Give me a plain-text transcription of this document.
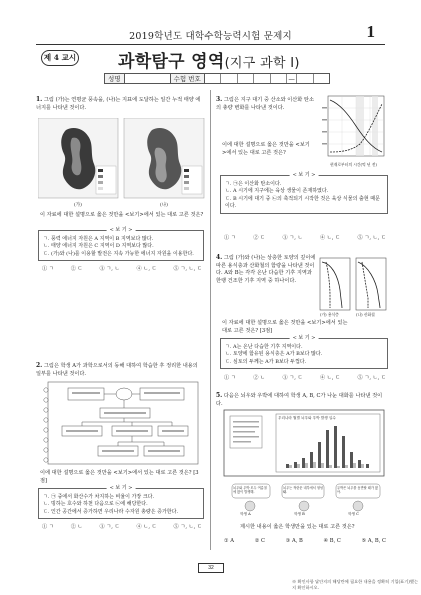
2019학년도 대학수학능력시험 문제지	1
제 4 교시 과학탐구 영역(지구 과학 I)
성명	수험 번호	—
1. 그림 (가)는 연평균 풍속을, (나)는 지표에 도달하는 일간 누적 태양 에너지를 나타낸 것이다.
(가)	(나)
이 자료에 대한 설명으로 옳은 것만을 <보기>에서 있는 대로 고른 것은?
< 보 기 >

ㄱ. 풍력 에너지 자원은 A 지역이 B 지역보다 많다.

ㄴ. 태양 에너지 자원은 C 지역이 D 지역보다 많다.

ㄷ. (가)와 (나)를 이용할 발전은 지속 가능한 에너지 자원을 이용한다.

① ㄱ	② ㄷ	③ ㄱ, ㄴ	④ ㄴ, ㄷ	⑤ ㄱ, ㄴ, ㄷ
2. 그림은 학생 A가 과학으로서의 동해 대하여 학습한 후 정리한 내용의 일부를 나타낸 것이다.
이에 대한 설명으로 옳은 것만을 <보기>에서 있는 대로 고른 것은? [3점]
< 보 기 >

ㄱ. ㉠ 중에서 화산수가 차지하는 비율이 가장 크다.

ㄴ. 빙하는 호수와 하천 다음으로 ㉡에 해당한다.

ㄷ. 인간 공간에서 증가하면 우리나라 수자원 총량은 증가한다.

① ㄱ	② ㄴ	③ ㄱ, ㄷ	④ ㄴ, ㄷ	⑤ ㄱ, ㄴ, ㄷ
3. 그림은 지구 대기 중 산소와 이산화 탄소의 총량 변화를 나타낸 것이다.
이에 대한 설명으로 옳은 것만을 <보기>에서 있는 대로 고른 것은?
현재로부터의 시간(억 년 전)
< 보 기 >

ㄱ. ㉠은 이산화 탄소이다.

ㄴ. A 시기에 지구에는 육상 생물이 존재하였다.

ㄷ. B 시기에 대기 중 ㉡의 축적되기 시작한 것은 육상 식물의 출현 때문이다.

① ㄱ	② ㄷ	③ ㄱ, ㄴ	④ ㄴ, ㄷ	⑤ ㄱ, ㄴ, ㄷ
4. 그림 (가)와 (나)는 상층한 토양의 깊이에 따른 용식층과 산화철의 함량을 나타낸 것이다. A와 B는 각각 온난 다습한 기후 지역과 한랭 건조한 기후 지역 중 하나이다.
이 자료에 대한 설명으로 옳은 것만을 <보기>에서 있는 대로 고른 것은? [3점]
(가) 용식층	(나) 산화철
< 보 기 >

ㄱ. A는 온난 다습한 기후 지역이다.

ㄴ. 토양에 함유된 용식층은 A가 B보다 많다.

ㄷ. 심토의 두께는 A가 B보다 두껍다.

① ㄱ	② ㄴ	③ ㄱ, ㄷ	④ ㄴ, ㄷ	⑤ ㄱ, ㄴ, ㄷ
5. 다음은 뇌우와 우박에 대하여 학생 A, B, C가 나눈 대화를 나타낸 것이다.
우리나라 월별 뇌우와 우박 발생 일수
뇌우와 우박 모두 여름철에 많이 발생해.
뇌우는 적란운 내부에서 형성돼.
우박은 뇌우를 동반할 때가 많아.
학생 A	학생 B	학생 C
제시한 내용이 옳은 학생만을 있는 대로 고른 것은?
① A	② C	③ A, B	④ B, C	⑤ A, B, C
32
※ 확인사항 답안지의 해당란에 필요한 내용을 정확히 기입(표기)했는지 확인하시오.
